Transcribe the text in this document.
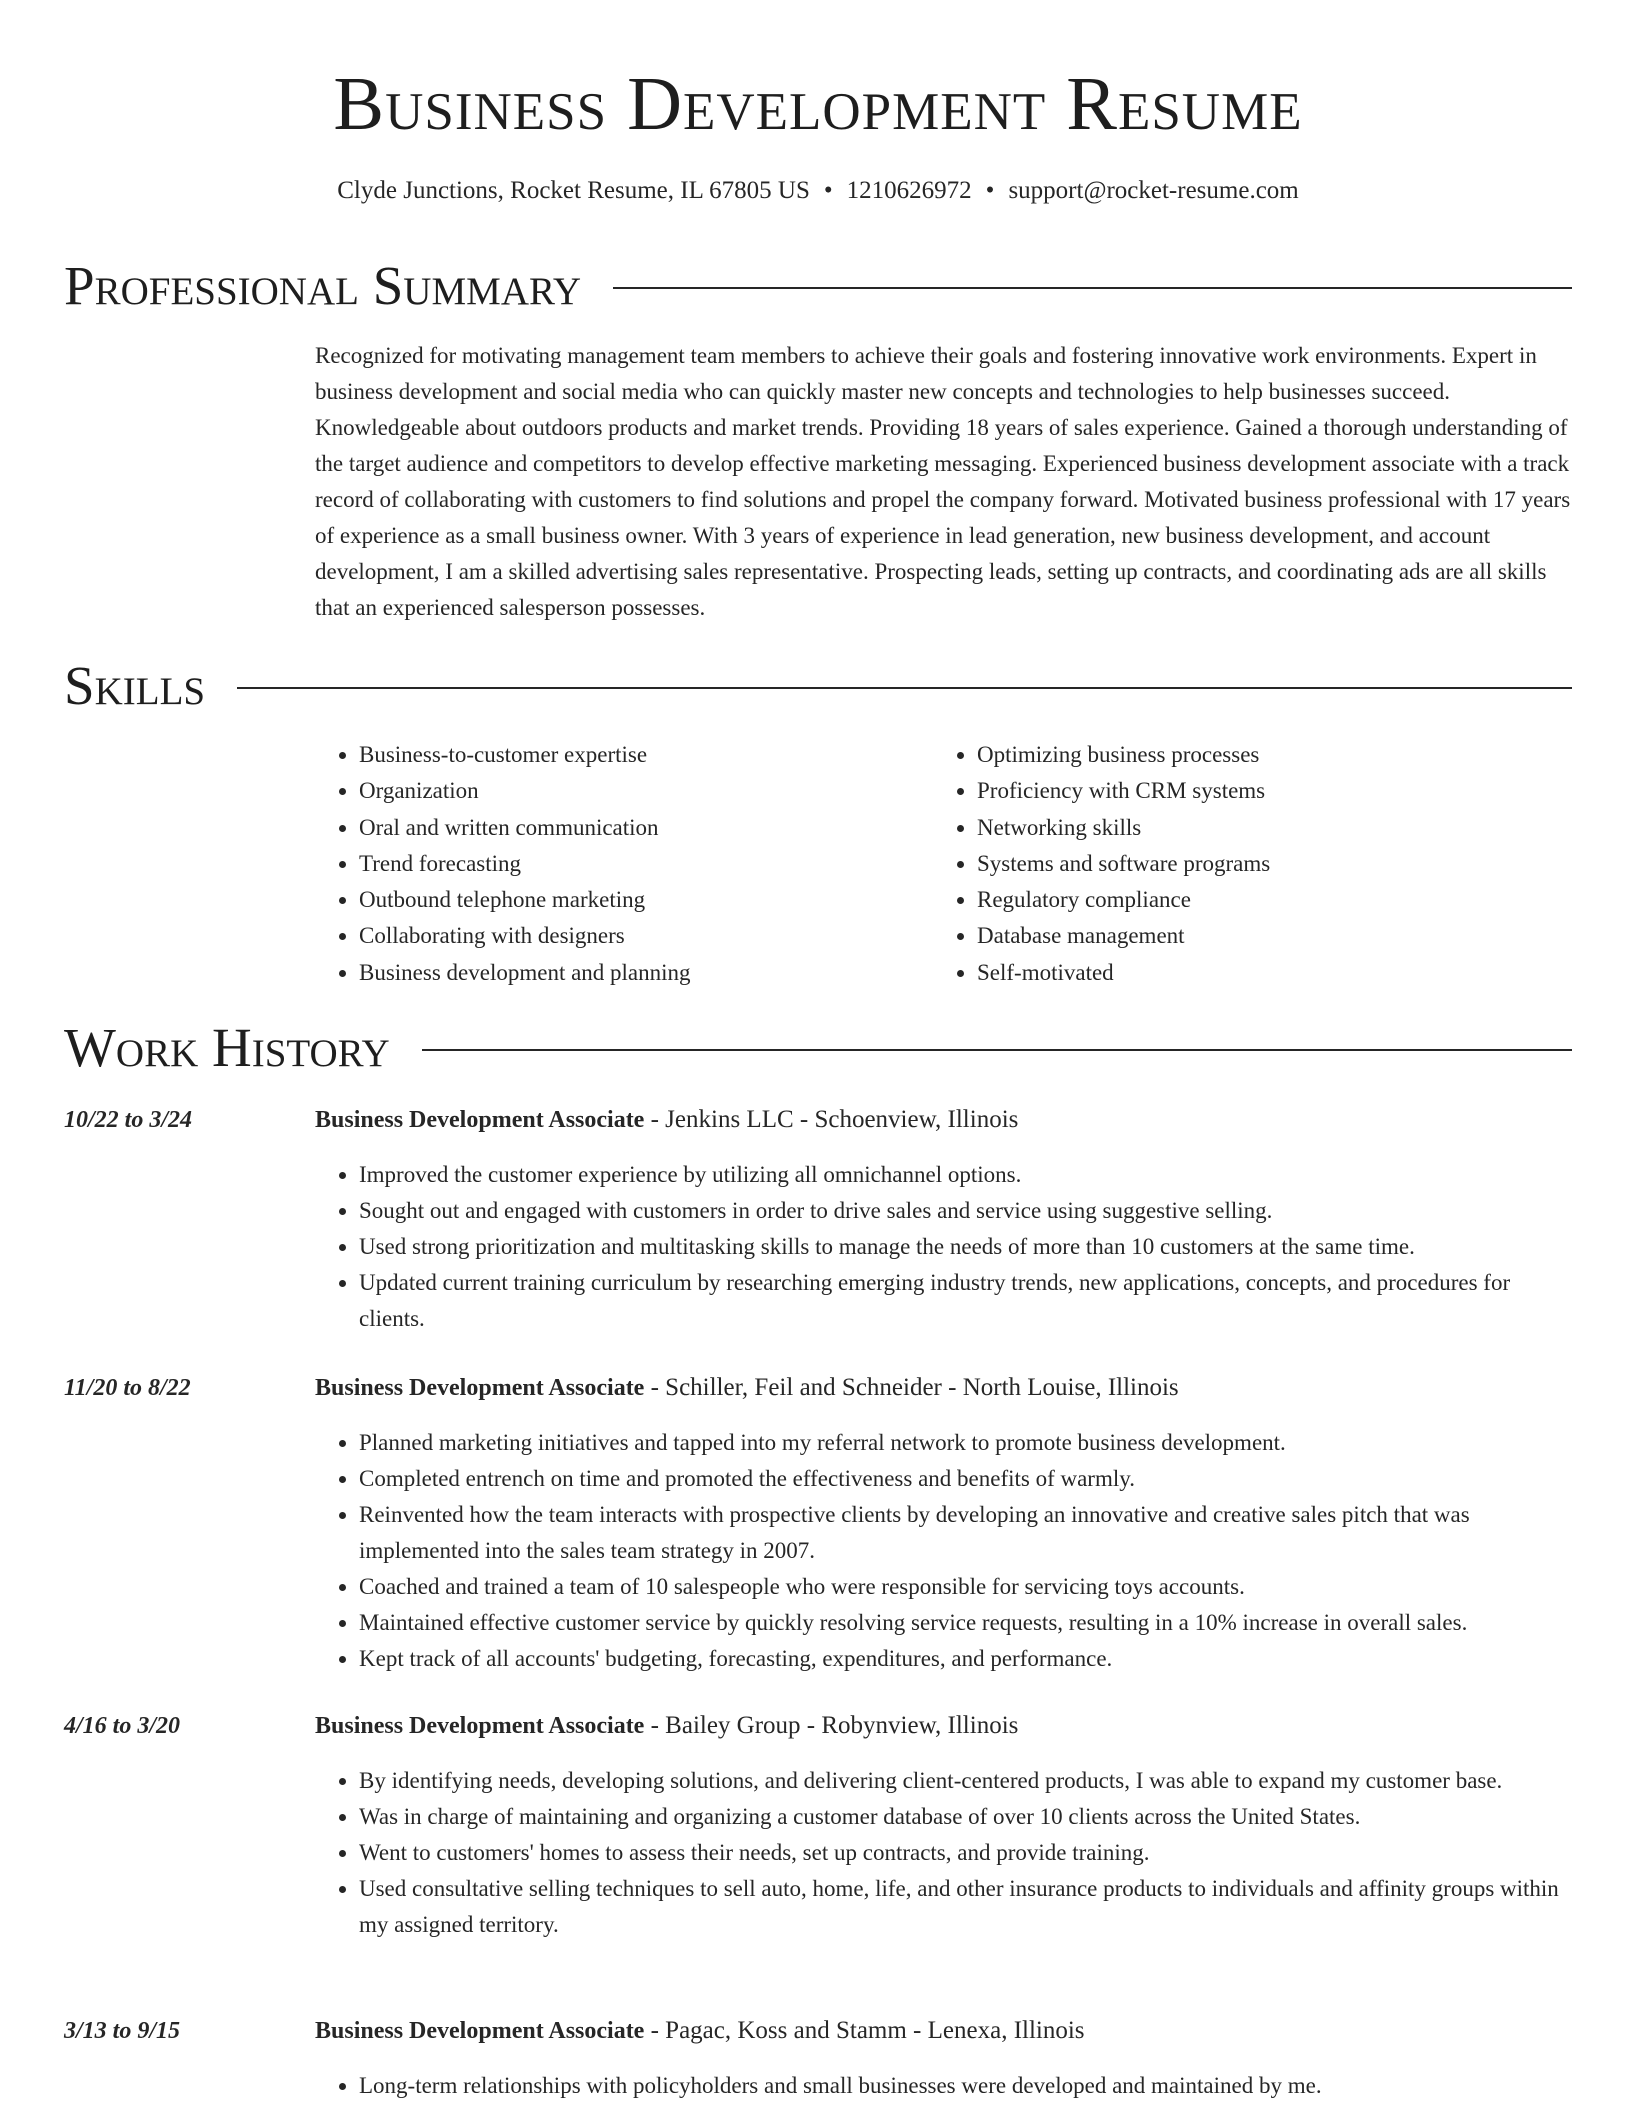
Business Development Resume
Clyde Junctions, Rocket Resume, IL 67805 US • 1210626972 • support@rocket-resume.com
Professional Summary

Recognized for motivating management team members to achieve their goals and fostering innovative work environments. Expert in business development and social media who can quickly master new concepts and technologies to help businesses succeed. Knowledgeable about outdoors products and market trends. Providing 18 years of sales experience. Gained a thorough understanding of the target audience and competitors to develop effective marketing messaging. Experienced business development associate with a track record of collaborating with customers to find solutions and propel the company forward. Motivated business professional with 17 years of experience as a small business owner. With 3 years of experience in lead generation, new business development, and account development, I am a skilled advertising sales representative. Prospecting leads, setting up contracts, and coordinating ads are all skills that an experienced salesperson possesses.

Skills
• Business-to-customer expertise
• Organization
• Oral and written communication
• Trend forecasting
• Outbound telephone marketing
• Collaborating with designers
• Business development and planning
• Optimizing business processes
• Proficiency with CRM systems
• Networking skills
• Systems and software programs
• Regulatory compliance
• Database management
• Self-motivated
Work History
10/22 to 3/24	Business Development Associate - Jenkins LLC - Schoenview, Illinois
• Improved the customer experience by utilizing all omnichannel options.
• Sought out and engaged with customers in order to drive sales and service using suggestive selling.
• Used strong prioritization and multitasking skills to manage the needs of more than 10 customers at the same time.
• Updated current training curriculum by researching emerging industry trends, new applications, concepts, and procedures for clients.
11/20 to 8/22	Business Development Associate - Schiller, Feil and Schneider - North Louise, Illinois
• Planned marketing initiatives and tapped into my referral network to promote business development.
• Completed entrench on time and promoted the effectiveness and benefits of warmly.
• Reinvented how the team interacts with prospective clients by developing an innovative and creative sales pitch that was implemented into the sales team strategy in 2007.
• Coached and trained a team of 10 salespeople who were responsible for servicing toys accounts.
• Maintained effective customer service by quickly resolving service requests, resulting in a 10% increase in overall sales.
• Kept track of all accounts' budgeting, forecasting, expenditures, and performance.
4/16 to 3/20	Business Development Associate - Bailey Group - Robynview, Illinois
• By identifying needs, developing solutions, and delivering client-centered products, I was able to expand my customer base.
• Was in charge of maintaining and organizing a customer database of over 10 clients across the United States.
• Went to customers' homes to assess their needs, set up contracts, and provide training.
• Used consultative selling techniques to sell auto, home, life, and other insurance products to individuals and affinity groups within my assigned territory.
3/13 to 9/15	Business Development Associate - Pagac, Koss and Stamm - Lenexa, Illinois
• Long-term relationships with policyholders and small businesses were developed and maintained by me.
